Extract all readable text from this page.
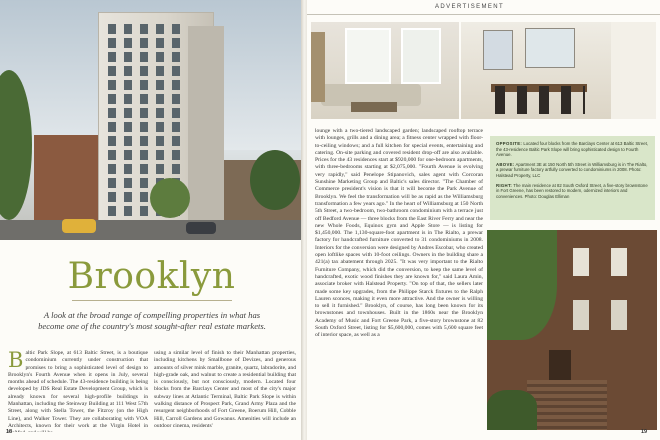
Brooklyn
A look at the broad range of compelling properties in what has become one of the country's most sought-after real estate markets.
Baltic Park Slope, at 613 Baltic Street, is a boutique condominium currently under construction that promises to bring a sophisticated level of design to Brooklyn's Fourth Avenue when it opens in July, several months ahead of schedule. The 43-residence building is being developed by JDS Real Estate Development Group, which is already known for several high-profile buildings in Manhattan, including the Steinway Building at 111 West 57th Street, along with Stella Tower, the Fitzroy (on the High Line), and Walker Tower. They are collaborating with VOA Architects, known for their work at the Virgin Hotel in
using a similar level of finish to their Manhattan properties, including kitchens by Smallbone of Devizes, and generous amounts of silver mink marble, granite, quartz, labradorite, and high-grade oak, and walnut to create a residential building that is consciously, but not consciously, modern. Located four blocks from the Barclays Center and most of the city's major subway lines at Atlantic Terminal, Baltic Park Slope is within walking distance of Prospect Park, Grand Army Plaza and the resurgent neighborhoods of Fort Greene, Boerum Hill, Cobble Hill, Carroll Gardens and Gowanus. Amenities will include an outdoor cinema, residents'
18
ADVERTISEMENT
lounge with a two-tiered landscaped garden; landscaped rooftop terrace with lounges, grills and a dining area; a fitness center wrapped with floor-to-ceiling windows; and a full kitchen for special events, entertaining and catering. On-site parking and covered resident drop-off are also available. Prices for the 43 residences start at $920,000 for one-bedroom apartments, with three-bedrooms starting at $2,075,000. "Fourth Avenue is evolving very rapidly," said Penelope Stipanovich, sales agent with Corcoran Sunshine Marketing Group and Baltic's sales director. "The Chamber of Commerce president's vision is that it will become the Park Avenue of Brooklyn. We feel the transformation will be as rapid as the Williamsburg transformation a few years ago." In the heart of Williamsburg at 150 North 5th Street, a two-bedroom, two-bathroom condominium with a terrace just off Bedford Avenue — three blocks from the East River Ferry and near the new Whole Foods, Equinox gym and Apple Store — is listing for $1,450,000. The 1,130-square-foot apartment is in The Rialto, a prewar factory for handcrafted furniture converted to 31 condominiums in 2008. Interiors for the conversion were designed by Andres Escobar, who created open loftlike spaces with 10-foot ceilings. Owners in the building share a 421(a) tax abatement through 2025. "It was very important to the Rialto Furniture Company, which did the conversion, to keep the same level of handcrafted, exotic wood finishes they are known for," said Laura Amin, associate broker with Halstead Property. "On top of that, the sellers later made some key upgrades, from the Philippe Starck fixtures to the Ralph Lauren sconces, making it even more attractive. And the owner is willing to sell it furnished." Brooklyn, of course, has long been known for its brownstones and townhouses. Built in the 1860s near the Brooklyn Academy of Music and Fort Greene Park, a five-story brownstone at 82 South Oxford Street, listing for $5,600,000, comes with 5,600 square feet of interior space, as well as a

OPPOSITE: Located four blocks from the Barclays Center at 613 Baltic Street, the 43-residence Baltic Park Slope will bring sophisticated design to Fourth Avenue.

ABOVE: Apartment 3E at 150 North 5th Street in Williamsburg is in The Rialto, a prewar furniture factory artfully converted to condominiums in 2008. Photo: Halstead Property, LLC

RIGHT: The main residence at 82 South Oxford Street, a five-story brownstone in Fort Greene, has been restored to modern, odernized interiors and conveniences. Photo: Douglas Elliman

19
